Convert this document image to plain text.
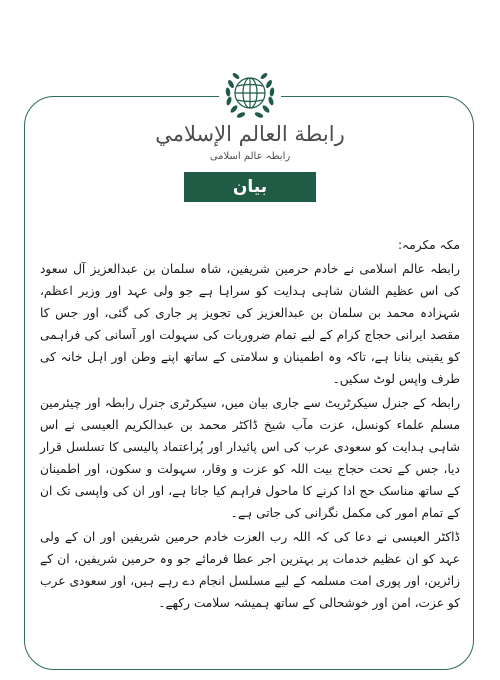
رابطة العالم الإسلامي
رابطہ عالم اسلامی
بیان
مکہ مکرمہ:

رابطہ عالم اسلامی نے خادم حرمین شریفین، شاہ سلمان بن عبدالعزیز آل سعود کی اس عظیم الشان شاہی ہدایت کو سراہا ہے جو ولی عہد اور وزیر اعظم، شہزادہ محمد بن سلمان بن عبدالعزیز کی تجویز پر جاری کی گئی، اور جس کا مقصد ایرانی حجاج کرام کے لیے تمام ضروریات کی سہولت اور آسانی کی فراہمی کو یقینی بنانا ہے، تاکہ وہ اطمینان و سلامتی کے ساتھ اپنے وطن اور اہل خانہ کی طرف واپس لوٹ سکیں۔

رابطہ کے جنرل سیکرٹریٹ سے جاری بیان میں، سیکرٹری جنرل رابطہ اور چیئرمین مسلم علماء کونسل، عزت مآب شیخ ڈاکٹر محمد بن عبدالکریم العیسی نے اس شاہی ہدایت کو سعودی عرب کی اس پائیدار اور پُراعتماد پالیسی کا تسلسل قرار دیا، جس کے تحت حجاج بیت اللہ کو عزت و وقار، سہولت و سکون، اور اطمینان کے ساتھ مناسک حج ادا کرنے کا ماحول فراہم کیا جاتا ہے، اور ان کی واپسی تک ان کے تمام امور کی مکمل نگرانی کی جاتی ہے۔

ڈاکٹر العیسی نے دعا کی کہ اللہ رب العزت خادم حرمین شریفین اور ان کے ولی عہد کو ان عظیم خدمات پر بہترین اجر عطا فرمائے جو وہ حرمین شریفین، ان کے زائرین، اور پوری امت مسلمہ کے لیے مسلسل انجام دے رہے ہیں، اور سعودی عرب کو عزت، امن اور خوشحالی کے ساتھ ہمیشہ سلامت رکھے۔
